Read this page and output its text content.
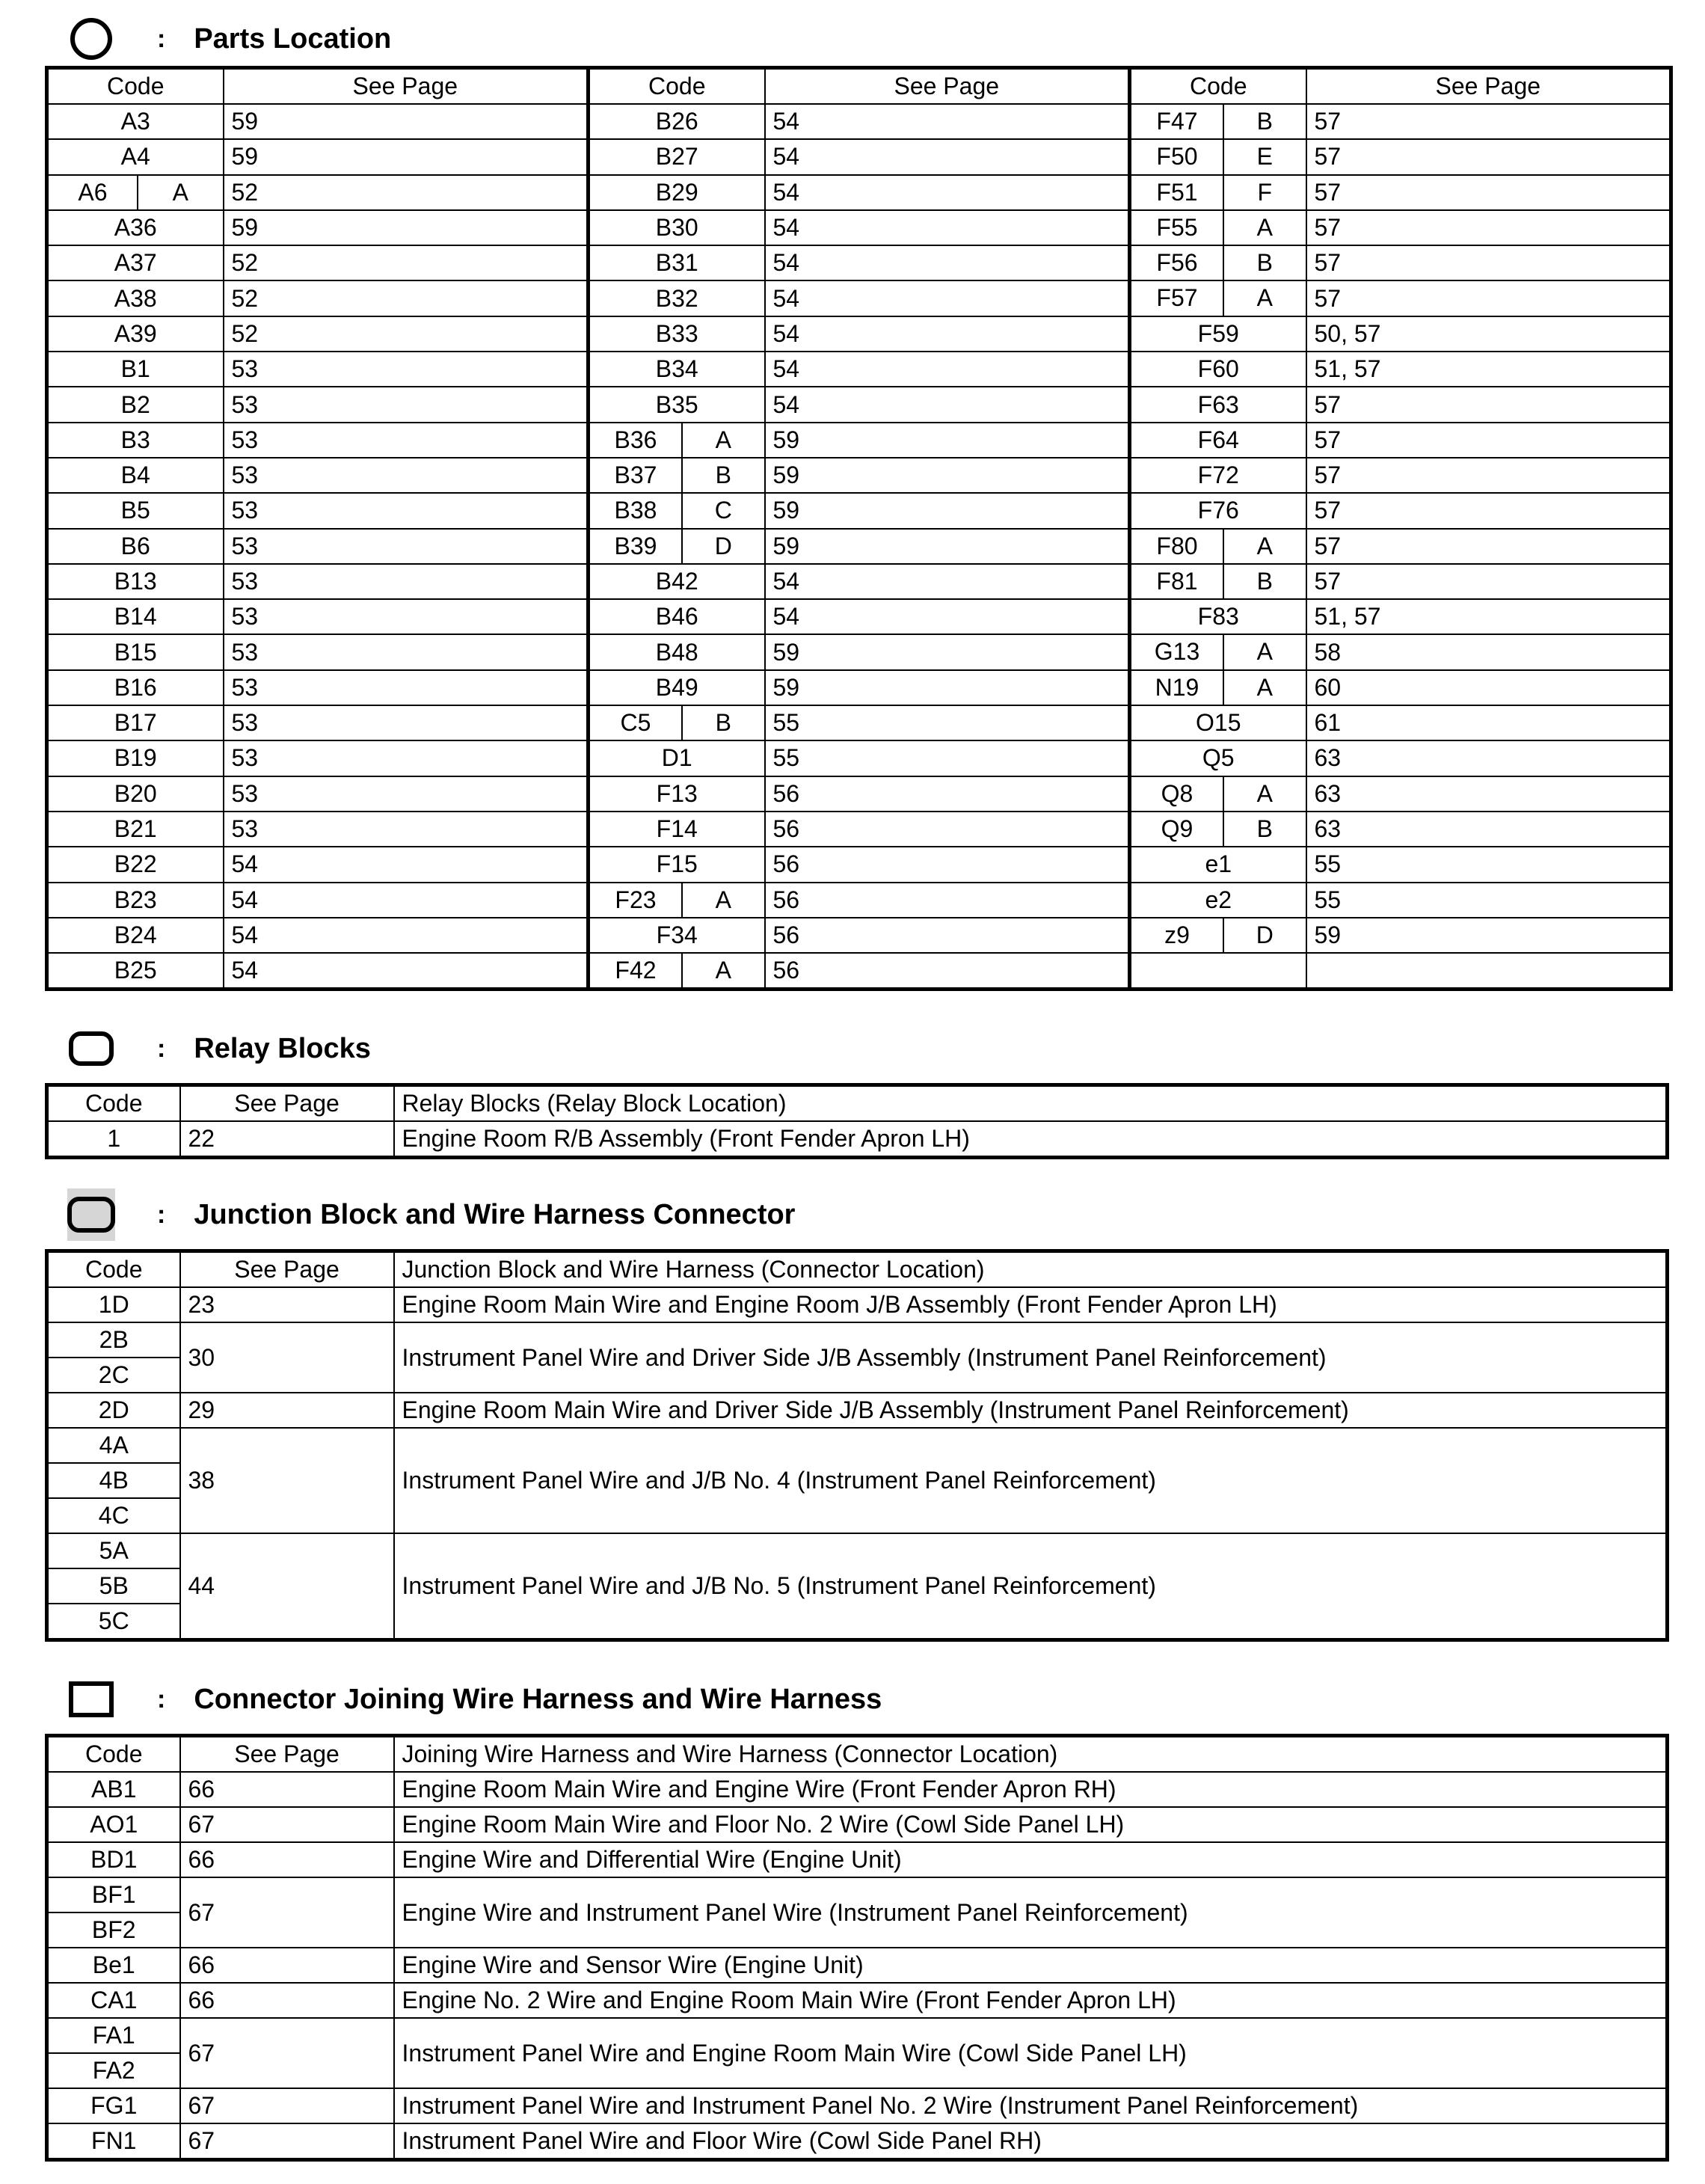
: Parts Location
Code	See Page	Code	See Page	Code	See Page
A3	59	B26	54	F47 B	57
A4	59	B27	54	F50 E	57

A6 A	52	B29	54	F51 F	57
A36	59	B30	54	F55 A	57
A37	52	B31	54	F56 B	57
A38	52	B32	54	F57 A	57
A39	52	B33	54	F59	50, 57
B1	53	B34	54	F60	51, 57
B2	53	B35	54	F63	57
B3	53	B36 A	59	F64	57
B4	53	B37 B	59	F72	57
B5	53	B38 C	59	F76	57
B6	53	B39 D	59	F80 A	57
B13	53	B42	54	F81 B	57
B14	53	B46	54	F83	51, 57
B15	53	B48	59	G13 A	58
B16	53	B49	59	N19 A	60
B17	53	C5 B	55	O15	61
B19	53	D1	55	Q5	63
B20	53	F13	56	Q8 A	63
B21	53	F14	56	Q9 B	63
B22	54	F15	56	e1	55
B23	54	F23 A	56	e2	55
B24	54	F34	56	z9 D	59
B25	54	F42 A	56		
: Relay Blocks
Code	See Page	Relay Blocks (Relay Block Location)
1	22	Engine Room R/B Assembly (Front Fender Apron LH)
: Junction Block and Wire Harness Connector
Code	See Page	Junction Block and Wire Harness (Connector Location)
1D	23	Engine Room Main Wire and Engine Room J/B Assembly (Front Fender Apron LH)
2B	30	Instrument Panel Wire and Driver Side J/B Assembly (Instrument Panel Reinforcement)
2C		
2D	29	Engine Room Main Wire and Driver Side J/B Assembly (Instrument Panel Reinforcement)
4A	38	Instrument Panel Wire and J/B No. 4 (Instrument Panel Reinforcement)
4B		
4C		
5A	44	Instrument Panel Wire and J/B No. 5 (Instrument Panel Reinforcement)
5B		
5C		
: Connector Joining Wire Harness and Wire Harness
Code	See Page	Joining Wire Harness and Wire Harness (Connector Location)
AB1	66	Engine Room Main Wire and Engine Wire (Front Fender Apron RH)
AO1	67	Engine Room Main Wire and Floor No. 2 Wire (Cowl Side Panel LH)
BD1	66	Engine Wire and Differential Wire (Engine Unit)
BF1	67	Engine Wire and Instrument Panel Wire (Instrument Panel Reinforcement)
BF2		
Be1	66	Engine Wire and Sensor Wire (Engine Unit)
CA1	66	Engine No. 2 Wire and Engine Room Main Wire (Front Fender Apron LH)
FA1	67	Instrument Panel Wire and Engine Room Main Wire (Cowl Side Panel LH)
FA2		
FG1	67	Instrument Panel Wire and Instrument Panel No. 2 Wire (Instrument Panel Reinforcement)
FN1	67	Instrument Panel Wire and Floor Wire (Cowl Side Panel RH)
